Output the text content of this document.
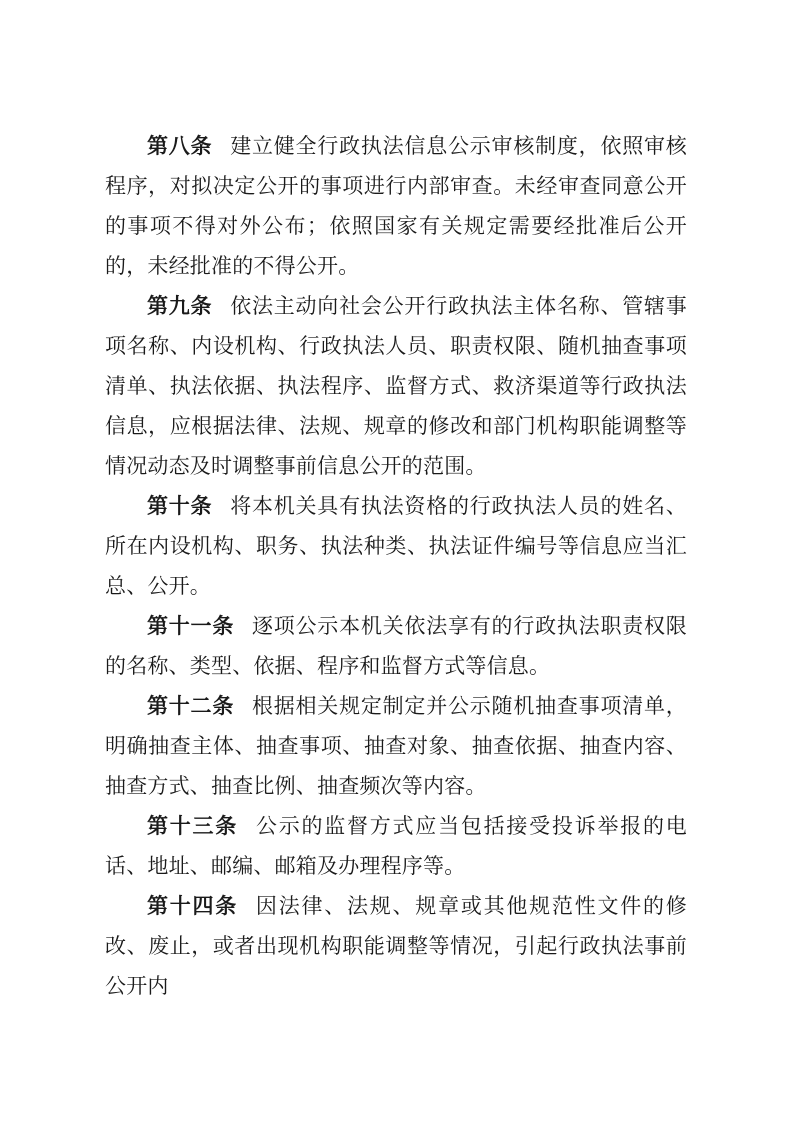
第八条 建立健全行政执法信息公示审核制度，依照审核程序，对拟决定公开的事项进行内部审查。未经审查同意公开的事项不得对外公布；依照国家有关规定需要经批准后公开的，未经批准的不得公开。

第九条 依法主动向社会公开行政执法主体名称、管辖事项名称、内设机构、行政执法人员、职责权限、随机抽查事项清单、执法依据、执法程序、监督方式、救济渠道等行政执法信息，应根据法律、法规、规章的修改和部门机构职能调整等情况动态及时调整事前信息公开的范围。

第十条 将本机关具有执法资格的行政执法人员的姓名、所在内设机构、职务、执法种类、执法证件编号等信息应当汇总、公开。

第十一条 逐项公示本机关依法享有的行政执法职责权限的名称、类型、依据、程序和监督方式等信息。

第十二条 根据相关规定制定并公示随机抽查事项清单，明确抽查主体、抽查事项、抽查对象、抽查依据、抽查内容、抽查方式、抽查比例、抽查频次等内容。

第十三条 公示的监督方式应当包括接受投诉举报的电话、地址、邮编、邮箱及办理程序等。

第十四条 因法律、法规、规章或其他规范性文件的修改、废止，或者出现机构职能调整等情况，引起行政执法事前公开内
